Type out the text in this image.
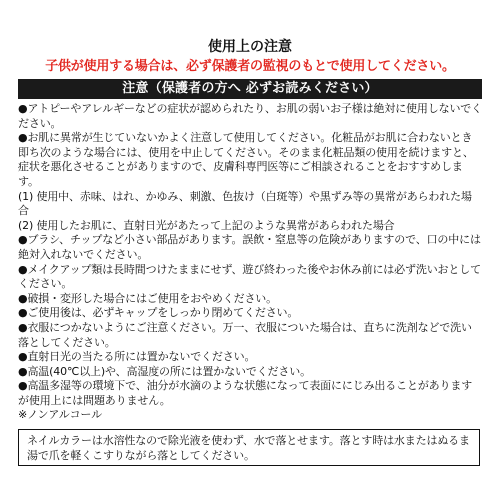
使用上の注意
子供が使用する場合は、必ず保護者の監視のもとで使用してください。
注意（保護者の方へ 必ずお読みください）

●アトピーやアレルギーなどの症状が認められたり、お肌の弱いお子様は絶対に使用しないでください。

●お肌に異常が生じていないかよく注意して使用してください。化粧品がお肌に合わないとき即ち次のような場合には、使用を中止してください。そのまま化粧品類の使用を続けますと、症状を悪化させることがありますので、皮膚科専門医等にご相談されることをおすすめします。

(1) 使用中、赤味、はれ、かゆみ、刺激、色抜け（白斑等）や黒ずみ等の異常があらわれた場合

(2) 使用したお肌に、直射日光があたって上記のような異常があらわれた場合

●ブラシ、チップなど小さい部品があります。誤飲・窒息等の危険がありますので、口の中には絶対入れないでください。

●メイクアップ類は長時間つけたままにせず、遊び終わった後やお休み前には必ず洗いおとしてください。

●破損・変形した場合にはご使用をおやめください。

●ご使用後は、必ずキャップをしっかり閉めてください。

●衣服につかないようにご注意ください。万一、衣服についた場合は、直ちに洗剤などで洗い落としてください。

●直射日光の当たる所には置かないでください。

●高温(40℃以上)や、高湿度の所には置かないでください。

●高温多湿等の環境下で、油分が水滴のような状態になって表面ににじみ出ることがありますが使用上には問題ありません。

※ノンアルコール

ネイルカラーは水溶性なので除光液を使わず、水で落とせます。落とす時は水またはぬるま湯で爪を軽くこすりながら落としてください。
